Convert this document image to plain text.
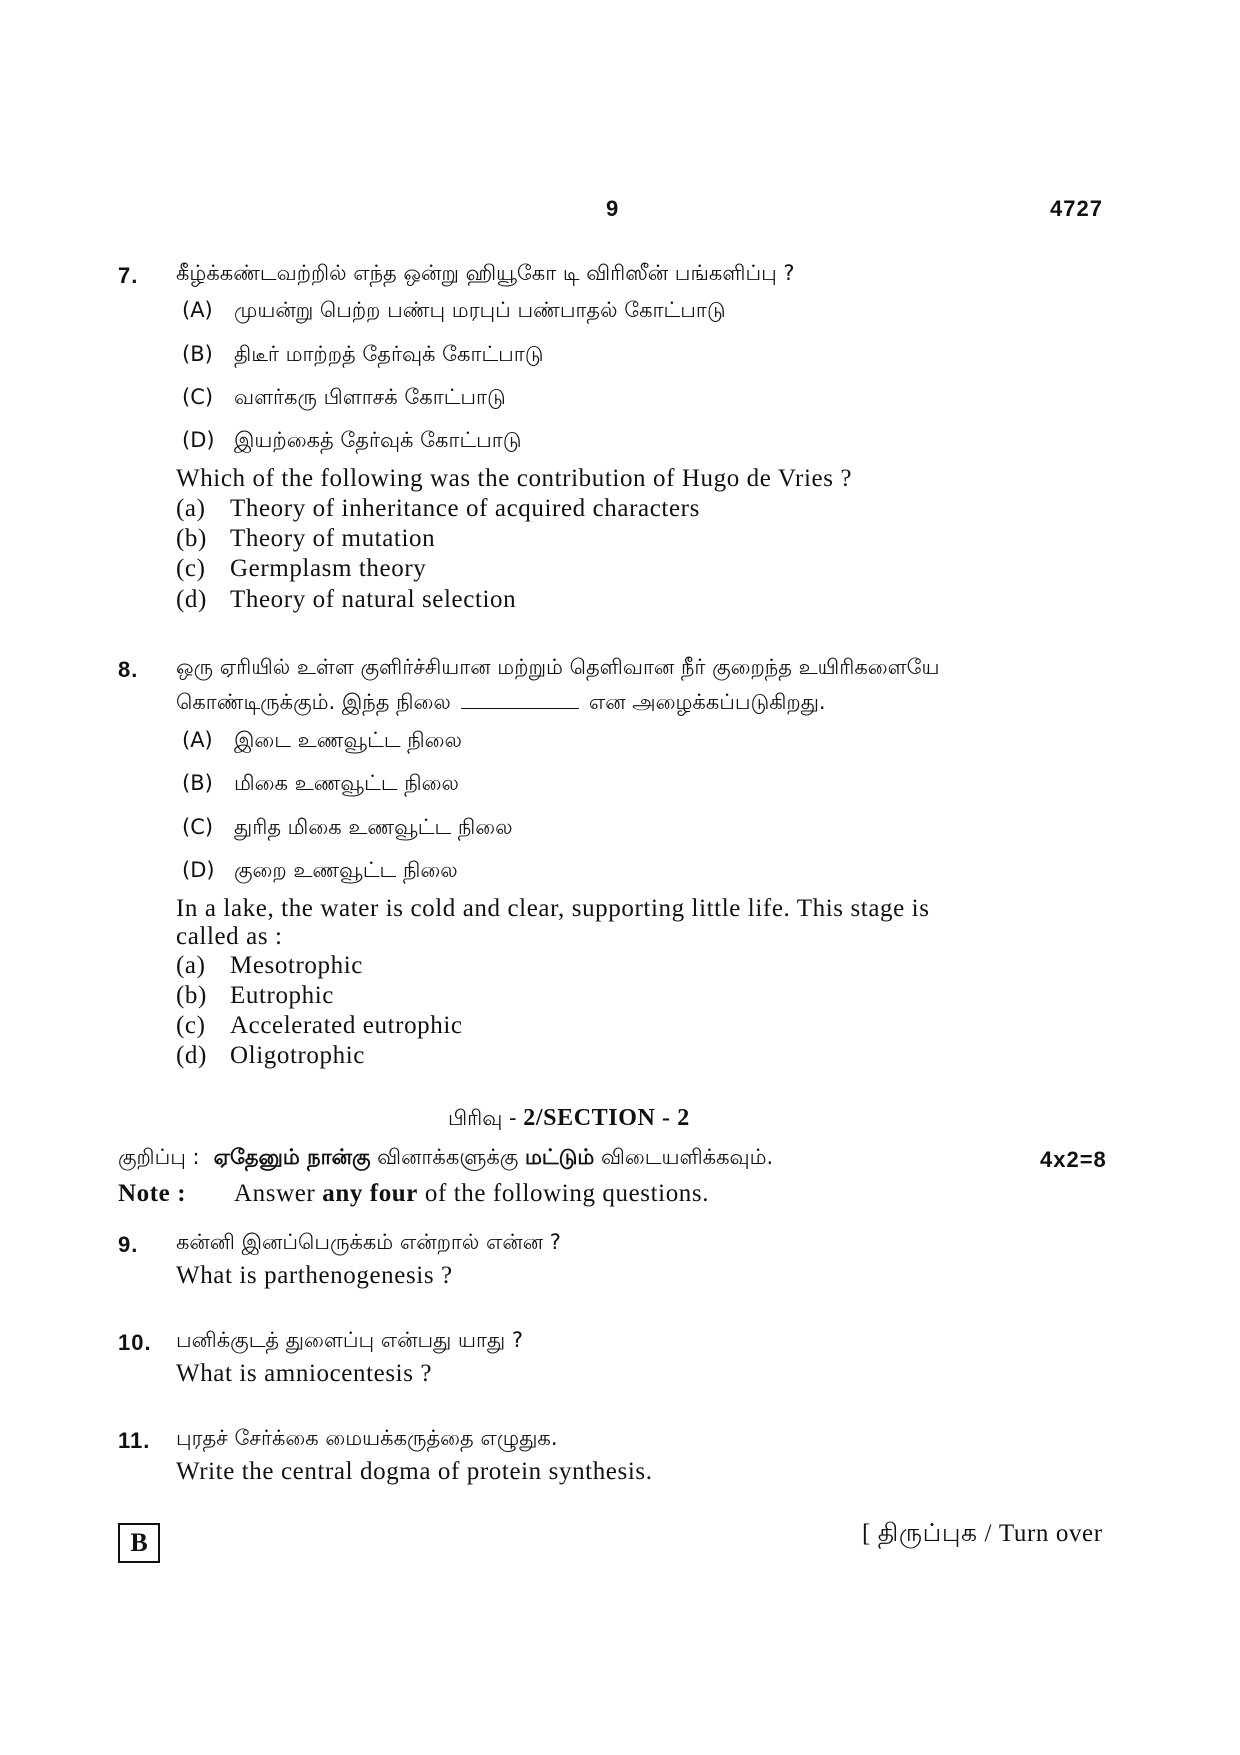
9	4727
7. கீழ்க்கண்டவற்றில் எந்த ஒன்று ஹியூகோ டி விரிஸீன் பங்களிப்பு ?
(A) முயன்று பெற்ற பண்பு மரபுப் பண்பாதல் கோட்பாடு
(B) திடீர் மாற்றத் தேர்வுக் கோட்பாடு
(C) வளர்கரு பிளாசக் கோட்பாடு
(D) இயற்கைத் தேர்வுக் கோட்பாடு
Which of the following was the contribution of Hugo de Vries ?
(a) Theory of inheritance of acquired characters
(b) Theory of mutation
(c) Germplasm theory
(d) Theory of natural selection
8. ஒரு ஏரியில் உள்ள குளிர்ச்சியான மற்றும் தெளிவான நீர் குறைந்த உயிரிகளையே
கொண்டிருக்கும். இந்த நிலை	என அழைக்கப்படுகிறது.
(A) இடை உணவூட்ட நிலை
(B) மிகை உணவூட்ட நிலை
(C) துரித மிகை உணவூட்ட நிலை
(D) குறை உணவூட்ட நிலை
In a lake, the water is cold and clear, supporting little life. This stage is
called as :
(a) Mesotrophic
(b) Eutrophic
(c) Accelerated eutrophic
(d) Oligotrophic
பிரிவு - 2/SECTION - 2
குறிப்பு : ஏதேனும் நான்கு வினாக்களுக்கு மட்டும் விடையளிக்கவும்.	4x2=8
Note : Answer any four of the following questions.
9. கன்னி இனப்பெருக்கம் என்றால் என்ன ?
What is parthenogenesis ?
10. பனிக்குடத் துளைப்பு என்பது யாது ?
What is amniocentesis ?
11. புரதச் சேர்க்கை மையக்கருத்தை எழுதுக.
Write the central dogma of protein synthesis.
B	[ திருப்புக / Turn over
